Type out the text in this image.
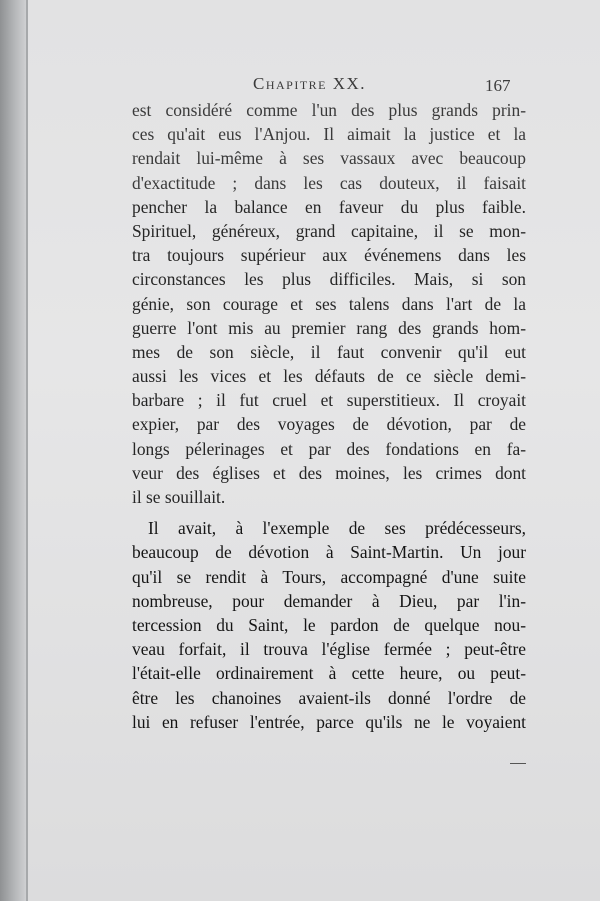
Chapitre XX.	167
est considéré comme l'un des plus grands prin-
ces qu'ait eus l'Anjou. Il aimait la justice et la
rendait lui-même à ses vassaux avec beaucoup
d'exactitude ; dans les cas douteux, il faisait
pencher la balance en faveur du plus faible.
Spirituel, généreux, grand capitaine, il se mon-
tra toujours supérieur aux événemens dans les
circonstances les plus difficiles. Mais, si son
génie, son courage et ses talens dans l'art de la
guerre l'ont mis au premier rang des grands hom-
mes de son siècle, il faut convenir qu'il eut
aussi les vices et les défauts de ce siècle demi-
barbare ; il fut cruel et superstitieux. Il croyait
expier, par des voyages de dévotion, par de
longs pélerinages et par des fondations en fa-
veur des églises et des moines, les crimes dont
il se souillait.
Il avait, à l'exemple de ses prédécesseurs,
beaucoup de dévotion à Saint-Martin. Un jour
qu'il se rendit à Tours, accompagné d'une suite
nombreuse, pour demander à Dieu, par l'in-
tercession du Saint, le pardon de quelque nou-
veau forfait, il trouva l'église fermée ; peut-être
l'était-elle ordinairement à cette heure, ou peut-
être les chanoines avaient-ils donné l'ordre de
lui en refuser l'entrée, parce qu'ils ne le voyaient
